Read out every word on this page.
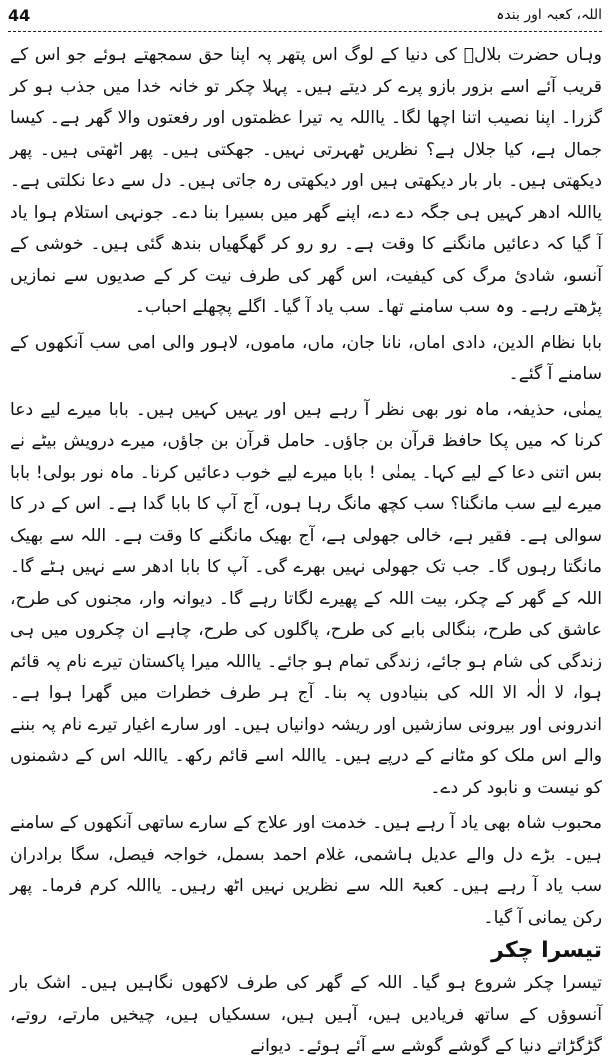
44	اللہ، کعبہ اور بندہ

وہاں حضرت بلالؓ کی دنیا کے لوگ اس پتھر پہ اپنا حق سمجھتے ہوئے جو اس کے قریب آئے اسے بزور بازو پرے کر دیتے ہیں۔ پہلا چکر تو خانہ خدا میں جذب ہو کر گزرا۔ اپنا نصیب اتنا اچھا لگا۔ یااللہ یہ تیرا عظمتوں اور رفعتوں والا گھر ہے۔ کیسا جمال ہے، کیا جلال ہے؟ نظریں ٹھہرتی نہیں۔ جھکتی ہیں۔ پھر اٹھتی ہیں۔ پھر دیکھتی ہیں۔ بار بار دیکھتی ہیں اور دیکھتی رہ جاتی ہیں۔ دل سے دعا نکلتی ہے۔ یااللہ ادھر کہیں ہی جگہ دے دے، اپنے گھر میں بسیرا بنا دے۔ جونہی استلام ہوا یاد آ گیا کہ دعائیں مانگنے کا وقت ہے۔ رو رو کر گھگھیاں بندھ گئی ہیں۔ خوشی کے آنسو، شادیٔ مرگ کی کیفیت، اس گھر کی طرف نیت کر کے صدیوں سے نمازیں پڑھتے رہے۔ وہ سب سامنے تھا۔ سب یاد آ گیا۔ اگلے پچھلے احباب۔

بابا نظام الدین، دادی اماں، نانا جان، ماں، ماموں، لاہور والی امی سب آنکھوں کے سامنے آ گئے۔

یمنٰی، حذیفہ، ماہ نور بھی نظر آ رہے ہیں اور یہیں کہیں ہیں۔ بابا میرے لیے دعا کرنا کہ میں پکا حافظ قرآن بن جاؤں۔ حامل قرآن بن جاؤں، میرے درویش بیٹے نے بس اتنی دعا کے لیے کہا۔ یمنٰی ! بابا میرے لیے خوب دعائیں کرنا۔ ماہ نور بولی! بابا میرے لیے سب مانگنا؟ سب کچھ مانگ رہا ہوں، آج آپ کا بابا گدا ہے۔ اس کے در کا سوالی ہے۔ فقیر ہے، خالی جھولی ہے، آج بھیک مانگنے کا وقت ہے۔ اللہ سے بھیک مانگتا رہوں گا۔ جب تک جھولی نہیں بھرے گی۔ آپ کا بابا ادھر سے نہیں ہٹے گا۔ اللہ کے گھر کے چکر، بیت اللہ کے پھیرے لگاتا رہے گا۔ دیوانہ وار، مجنوں کی طرح، عاشق کی طرح، بنگالی بابے کی طرح، پاگلوں کی طرح، چاہے ان چکروں میں ہی زندگی کی شام ہو جائے، زندگی تمام ہو جائے۔ یااللہ میرا پاکستان تیرے نام پہ قائم ہوا، لا الٰہ الا اللہ کی بنیادوں پہ بنا۔ آج ہر طرف خطرات میں گھرا ہوا ہے۔ اندرونی اور بیرونی سازشیں اور ریشہ دوانیاں ہیں۔ اور سارے اغیار تیرے نام پہ بننے والے اس ملک کو مٹانے کے درپے ہیں۔ یااللہ اسے قائم رکھ۔ یااللہ اس کے دشمنوں کو نیست و نابود کر دے۔

محبوب شاہ بھی یاد آ رہے ہیں۔ خدمت اور علاج کے سارے ساتھی آنکھوں کے سامنے ہیں۔ بڑے دل والے عدیل ہاشمی، غلام احمد بسمل، خواجہ فیصل، سگا برادران سب یاد آ رہے ہیں۔ کعبۃ اللہ سے نظریں نہیں اٹھ رہیں۔ یااللہ کرم فرما۔ پھر رکن یمانی آ گیا۔

تیسرا چکر

تیسرا چکر شروع ہو گیا۔ اللہ کے گھر کی طرف لاکھوں نگاہیں ہیں۔ اشک بار آنسوؤں کے ساتھ فریادیں ہیں، آہیں ہیں، سسکیاں ہیں، چیخیں مارتے، روتے، گڑگڑاتے دنیا کے گوشے گوشے سے آئے ہوئے۔ دیوانے
